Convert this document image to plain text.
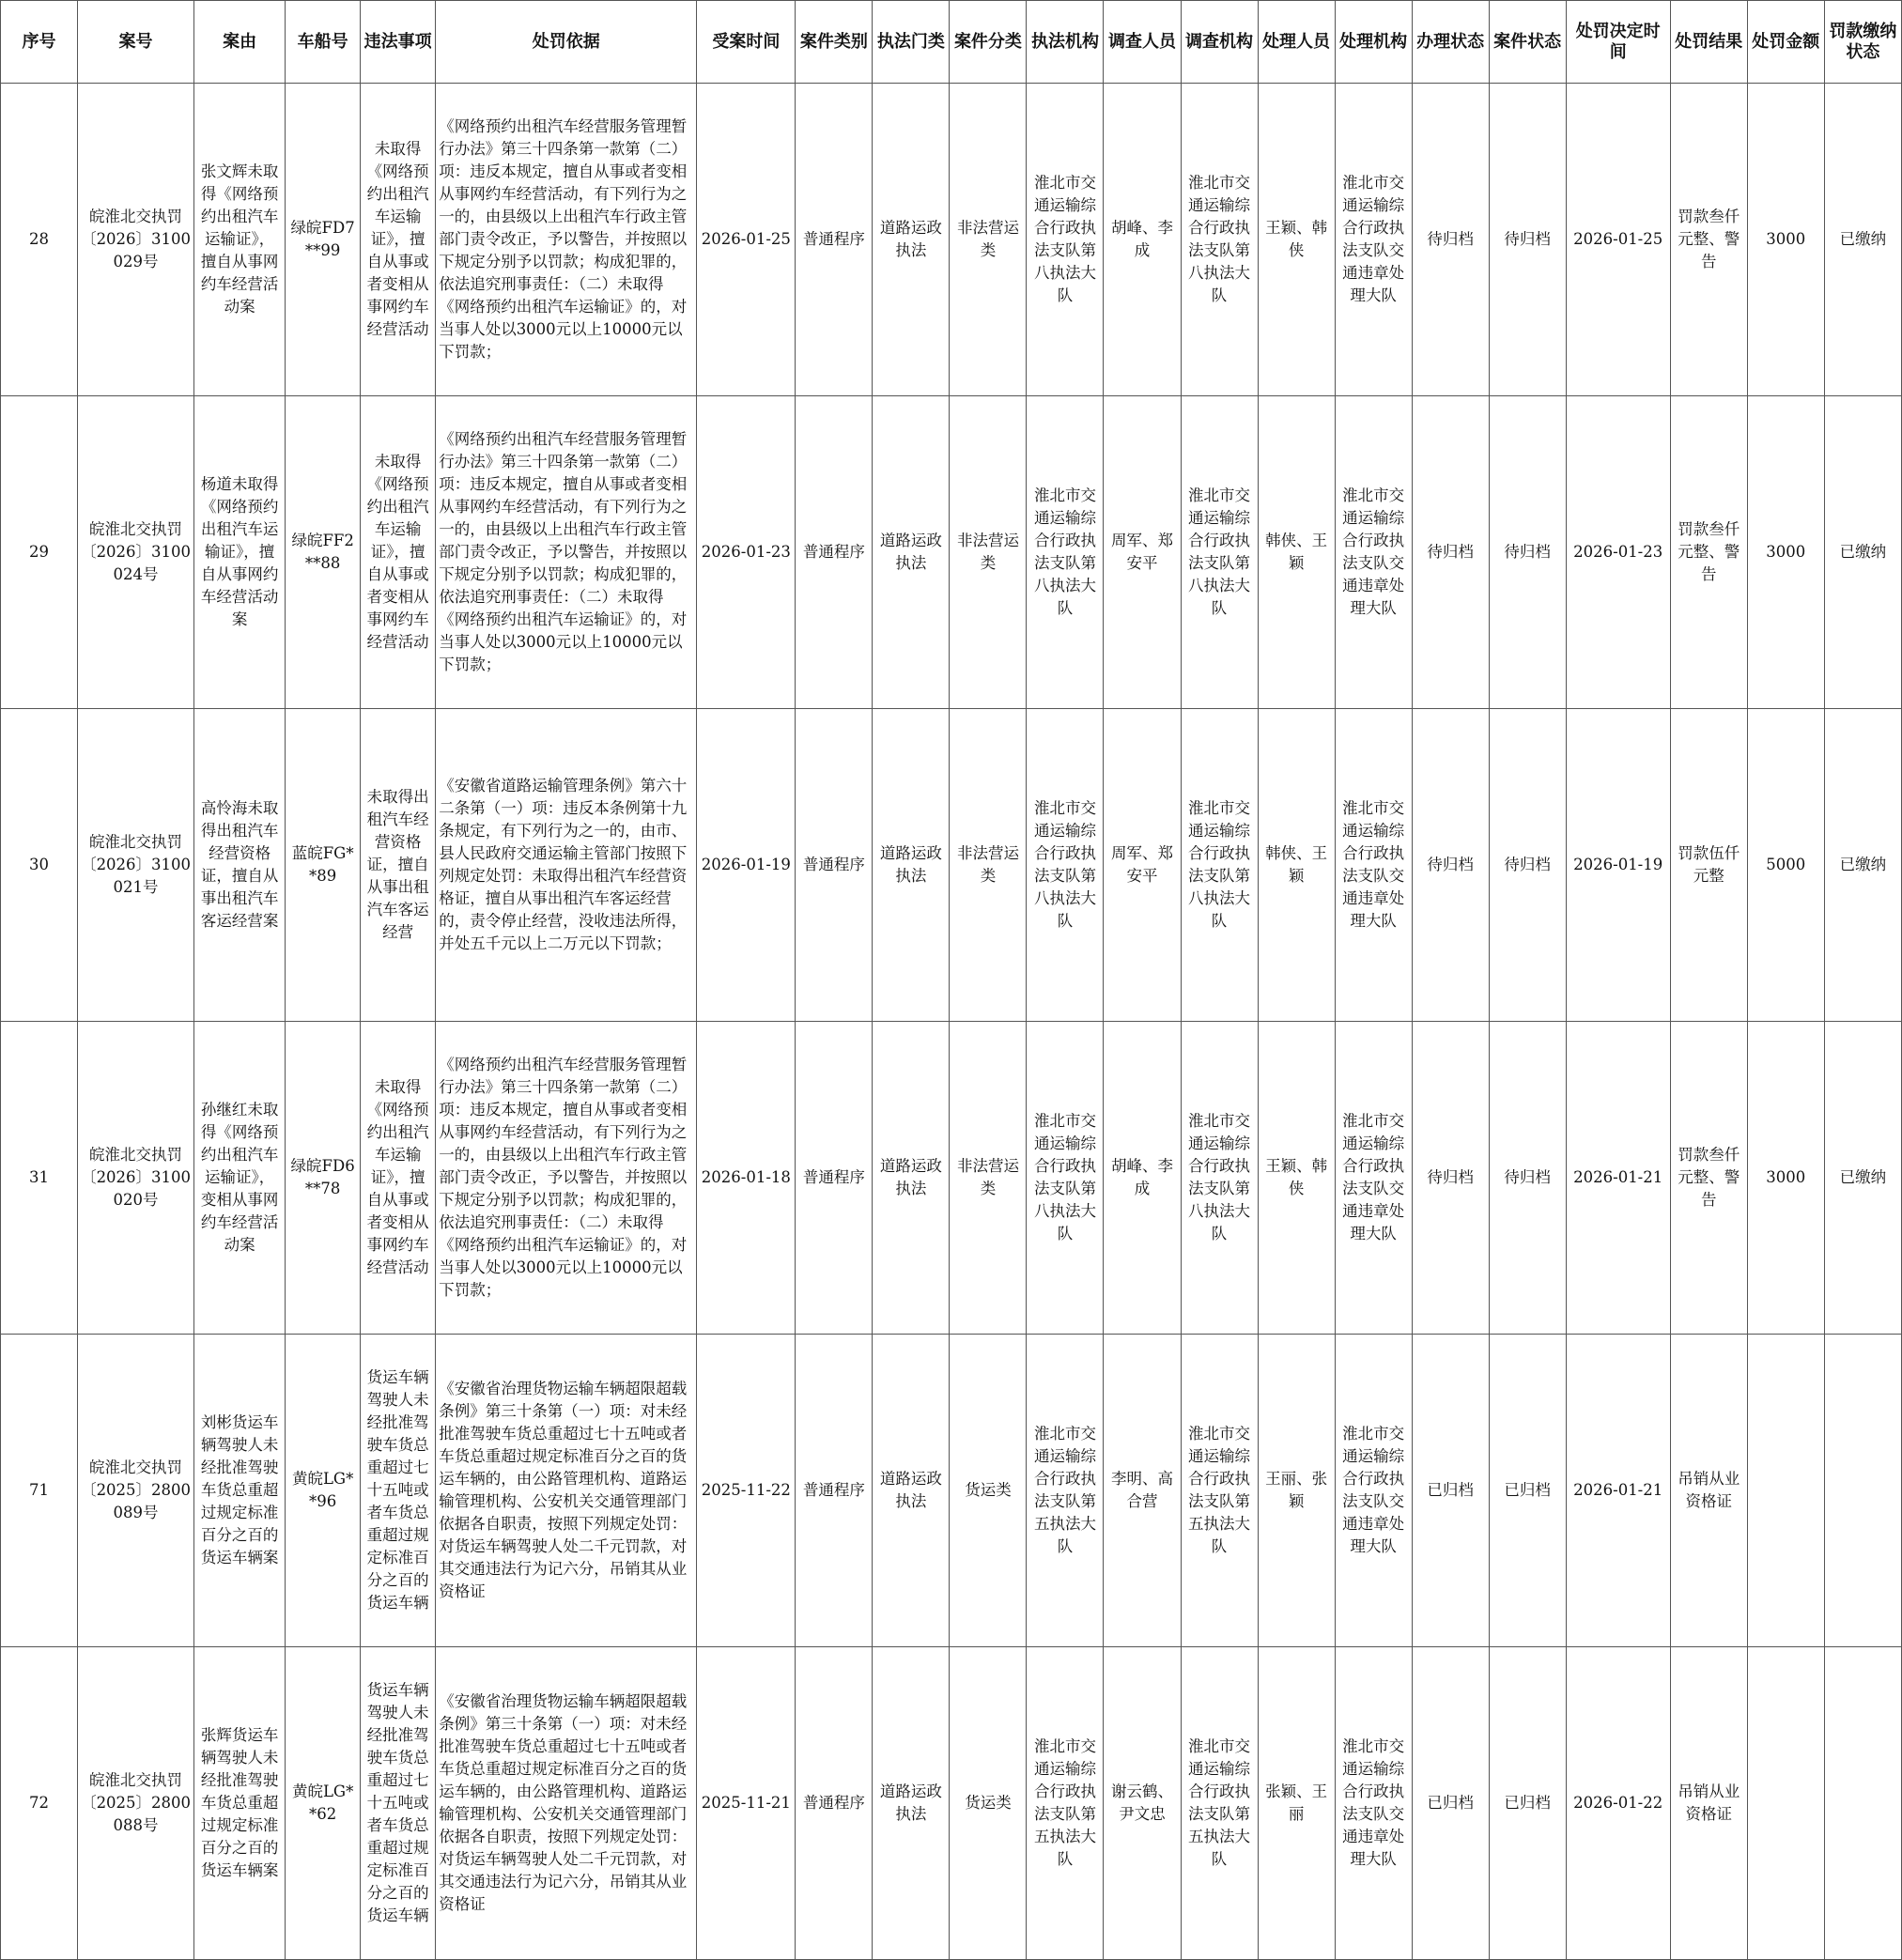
序号	案号	案由	车船号	违法事项	处罚依据	受案时间	案件类别	执法门类	案件分类	执法机构	调查人员	调查机构	处理人员	处理机构	办理状态	案件状态	处罚决定时间	处罚结果	处罚金额	罚款缴纳状态
28	皖淮北交执罚〔2026〕3100029号	张文辉未取得《网络预约出租汽车运输证》，擅自从事网约车经营活动案	绿皖FD7**99	未取得《网络预约出租汽车运输证》，擅自从事或者变相从事网约车经营活动	《网络预约出租汽车经营服务管理暂行办法》第三十四条第一款第（二）项：违反本规定，擅自从事或者变相从事网约车经营活动，有下列行为之一的，由县级以上出租汽车行政主管部门责令改正，予以警告，并按照以下规定分别予以罚款；构成犯罪的，依法追究刑事责任：（二）未取得《网络预约出租汽车运输证》的，对当事人处以3000元以上10000元以下罚款；	2026-01-25	普通程序	道路运政执法	非法营运类	淮北市交通运输综合行政执法支队第八执法大队	胡峰、李成	淮北市交通运输综合行政执法支队第八执法大队	王颖、韩侠	淮北市交通运输综合行政执法支队交通违章处理大队	待归档	待归档	2026-01-25	罚款叁仟元整、警告	3000	已缴纳
29	皖淮北交执罚〔2026〕3100024号	杨道未取得《网络预约出租汽车运输证》，擅自从事网约车经营活动案	绿皖FF2**88	未取得《网络预约出租汽车运输证》，擅自从事或者变相从事网约车经营活动	《网络预约出租汽车经营服务管理暂行办法》第三十四条第一款第（二）项：违反本规定，擅自从事或者变相从事网约车经营活动，有下列行为之一的，由县级以上出租汽车行政主管部门责令改正，予以警告，并按照以下规定分别予以罚款；构成犯罪的，依法追究刑事责任：（二）未取得《网络预约出租汽车运输证》的，对当事人处以3000元以上10000元以下罚款；	2026-01-23	普通程序	道路运政执法	非法营运类	淮北市交通运输综合行政执法支队第八执法大队	周军、郑安平	淮北市交通运输综合行政执法支队第八执法大队	韩侠、王颖	淮北市交通运输综合行政执法支队交通违章处理大队	待归档	待归档	2026-01-23	罚款叁仟元整、警告	3000	已缴纳
30	皖淮北交执罚〔2026〕3100021号	高怜海未取得出租汽车经营资格证，擅自从事出租汽车客运经营案	蓝皖FG**89	未取得出租汽车经营资格证，擅自从事出租汽车客运经营	《安徽省道路运输管理条例》第六十二条第（一）项：违反本条例第十九条规定，有下列行为之一的，由市、县人民政府交通运输主管部门按照下列规定处罚：未取得出租汽车经营资格证，擅自从事出租汽车客运经营的，责令停止经营，没收违法所得，并处五千元以上二万元以下罚款；	2026-01-19	普通程序	道路运政执法	非法营运类	淮北市交通运输综合行政执法支队第八执法大队	周军、郑安平	淮北市交通运输综合行政执法支队第八执法大队	韩侠、王颖	淮北市交通运输综合行政执法支队交通违章处理大队	待归档	待归档	2026-01-19	罚款伍仟元整	5000	已缴纳
31	皖淮北交执罚〔2026〕3100020号	孙继红未取得《网络预约出租汽车运输证》，变相从事网约车经营活动案	绿皖FD6**78	未取得《网络预约出租汽车运输证》，擅自从事或者变相从事网约车经营活动	《网络预约出租汽车经营服务管理暂行办法》第三十四条第一款第（二）项：违反本规定，擅自从事或者变相从事网约车经营活动，有下列行为之一的，由县级以上出租汽车行政主管部门责令改正，予以警告，并按照以下规定分别予以罚款；构成犯罪的，依法追究刑事责任：（二）未取得《网络预约出租汽车运输证》的，对当事人处以3000元以上10000元以下罚款；	2026-01-18	普通程序	道路运政执法	非法营运类	淮北市交通运输综合行政执法支队第八执法大队	胡峰、李成	淮北市交通运输综合行政执法支队第八执法大队	王颖、韩侠	淮北市交通运输综合行政执法支队交通违章处理大队	待归档	待归档	2026-01-21	罚款叁仟元整、警告	3000	已缴纳
71	皖淮北交执罚〔2025〕2800089号	刘彬货运车辆驾驶人未经批准驾驶车货总重超过规定标准百分之百的货运车辆案	黄皖LG**96	货运车辆驾驶人未经批准驾驶车货总重超过七十五吨或者车货总重超过规定标准百分之百的货运车辆	《安徽省治理货物运输车辆超限超载条例》第三十条第（一）项：对未经批准驾驶车货总重超过七十五吨或者车货总重超过规定标准百分之百的货运车辆的，由公路管理机构、道路运输管理机构、公安机关交通管理部门依据各自职责，按照下列规定处罚：对货运车辆驾驶人处二千元罚款，对其交通违法行为记六分，吊销其从业资格证	2025-11-22	普通程序	道路运政执法	货运类	淮北市交通运输综合行政执法支队第五执法大队	李明、高合营	淮北市交通运输综合行政执法支队第五执法大队	王丽、张颖	淮北市交通运输综合行政执法支队交通违章处理大队	已归档	已归档	2026-01-21	吊销从业资格证		
72	皖淮北交执罚〔2025〕2800088号	张辉货运车辆驾驶人未经批准驾驶车货总重超过规定标准百分之百的货运车辆案	黄皖LG**62	货运车辆驾驶人未经批准驾驶车货总重超过七十五吨或者车货总重超过规定标准百分之百的货运车辆	《安徽省治理货物运输车辆超限超载条例》第三十条第（一）项：对未经批准驾驶车货总重超过七十五吨或者车货总重超过规定标准百分之百的货运车辆的，由公路管理机构、道路运输管理机构、公安机关交通管理部门依据各自职责，按照下列规定处罚：对货运车辆驾驶人处二千元罚款，对其交通违法行为记六分，吊销其从业资格证	2025-11-21	普通程序	道路运政执法	货运类	淮北市交通运输综合行政执法支队第五执法大队	谢云鹤、尹文忠	淮北市交通运输综合行政执法支队第五执法大队	张颖、王丽	淮北市交通运输综合行政执法支队交通违章处理大队	已归档	已归档	2026-01-22	吊销从业资格证		
